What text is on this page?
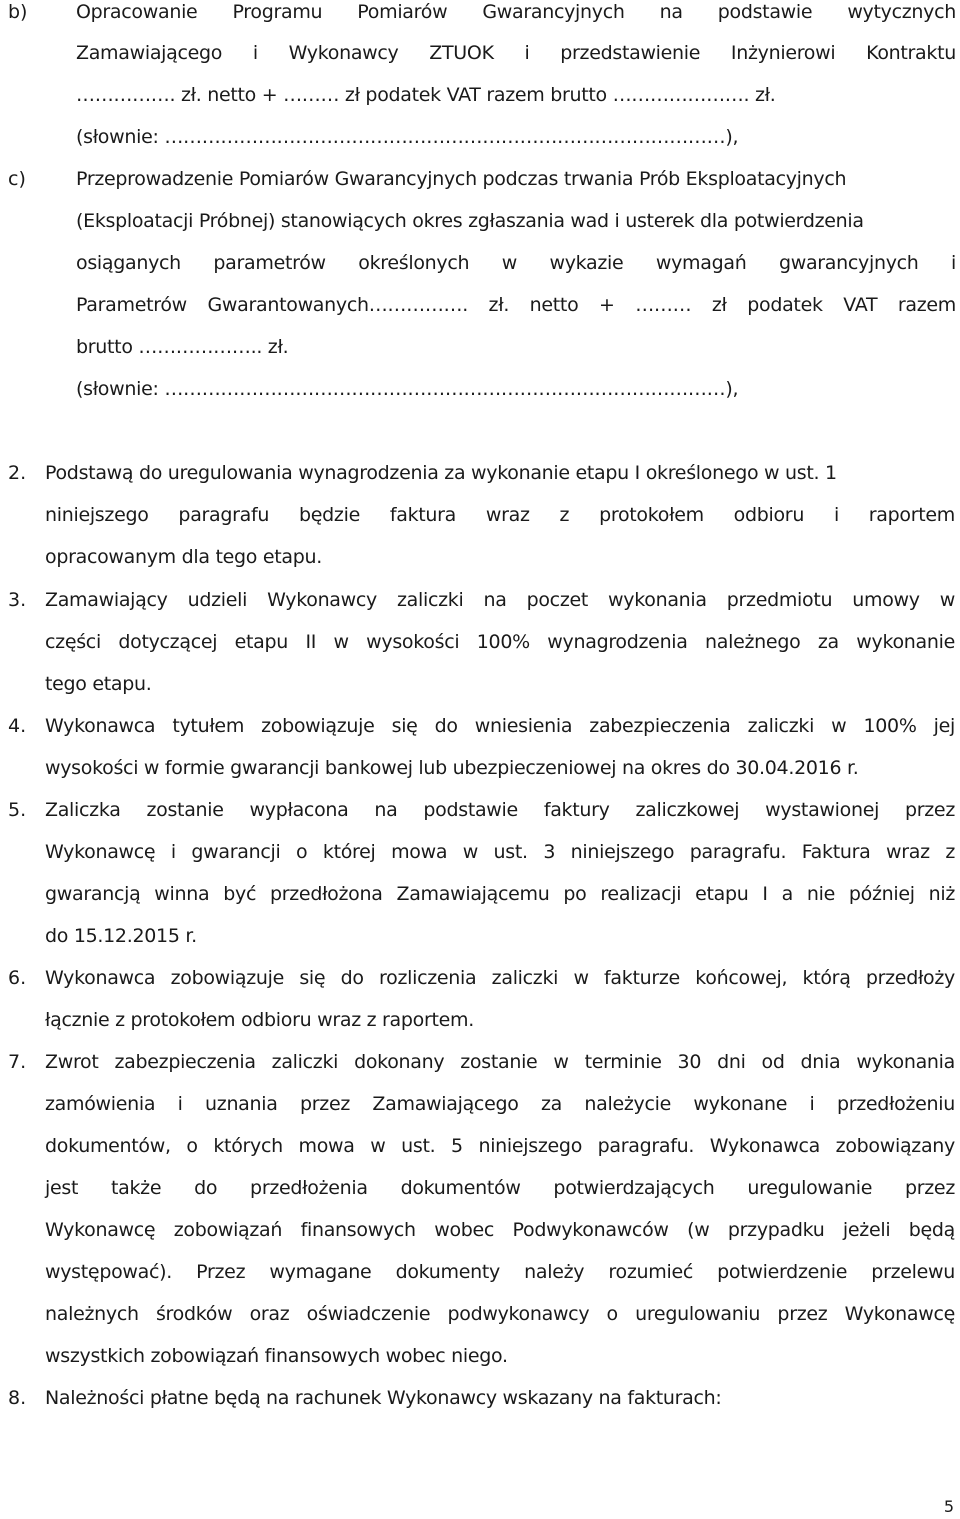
b)	Opracowanie Programu Pomiarów Gwarancyjnych na podstawie wytycznych
Zamawiającego i Wykonawcy ZTUOK i przedstawienie Inżynierowi Kontraktu
……………. zł. netto + ……… zł podatek VAT razem brutto …………………. zł.
(słownie: ………………………………………………………………………………),
c)	Przeprowadzenie Pomiarów Gwarancyjnych podczas trwania Prób Eksploatacyjnych
(Eksploatacji Próbnej) stanowiących okres zgłaszania wad i usterek dla potwierdzenia
osiąganych parametrów określonych w wykazie wymagań gwarancyjnych i
Parametrów Gwarantowanych……………. zł. netto + ……… zł podatek VAT razem
brutto ……………….. zł.
(słownie: ………………………………………………………………………………),
2. Podstawą do uregulowania wynagrodzenia za wykonanie etapu I określonego w ust. 1
niniejszego paragrafu będzie faktura wraz z protokołem odbioru i raportem
opracowanym dla tego etapu.
3. Zamawiający udzieli Wykonawcy zaliczki na poczet wykonania przedmiotu umowy w
części dotyczącej etapu II w wysokości 100% wynagrodzenia należnego za wykonanie
tego etapu.
4. Wykonawca tytułem zobowiązuje się do wniesienia zabezpieczenia zaliczki w 100% jej
wysokości w formie gwarancji bankowej lub ubezpieczeniowej na okres do 30.04.2016 r.
5. Zaliczka zostanie wypłacona na podstawie faktury zaliczkowej wystawionej przez
Wykonawcę i gwarancji o której mowa w ust. 3 niniejszego paragrafu. Faktura wraz z
gwarancją winna być przedłożona Zamawiającemu po realizacji etapu I a nie później niż
do 15.12.2015 r.
6. Wykonawca zobowiązuje się do rozliczenia zaliczki w fakturze końcowej, którą przedłoży
łącznie z protokołem odbioru wraz z raportem.
7. Zwrot zabezpieczenia zaliczki dokonany zostanie w terminie 30 dni od dnia wykonania
zamówienia i uznania przez Zamawiającego za należycie wykonane i przedłożeniu
dokumentów, o których mowa w ust. 5 niniejszego paragrafu. Wykonawca zobowiązany
jest także do przedłożenia dokumentów potwierdzających uregulowanie przez
Wykonawcę zobowiązań finansowych wobec Podwykonawców (w przypadku jeżeli będą
występować). Przez wymagane dokumenty należy rozumieć potwierdzenie przelewu
należnych środków oraz oświadczenie podwykonawcy o uregulowaniu przez Wykonawcę
wszystkich zobowiązań finansowych wobec niego.
8. Należności płatne będą na rachunek Wykonawcy wskazany na fakturach:
5
